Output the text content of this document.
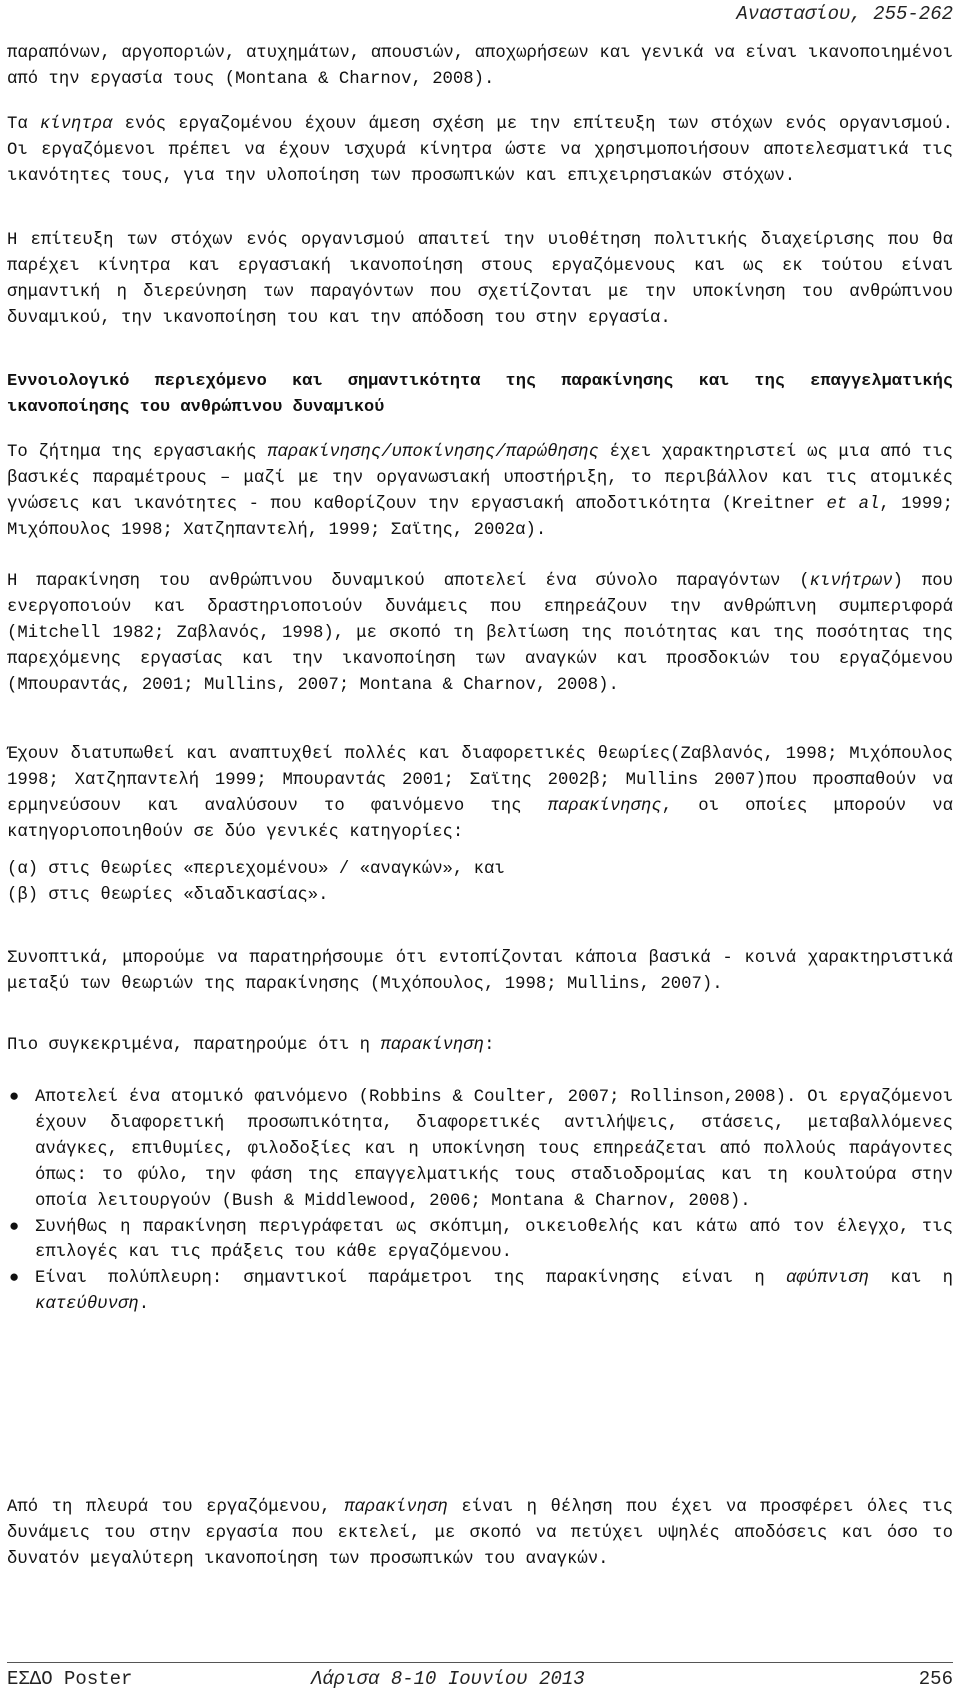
Αναστασίου, 255-262

παραπόνων, αργοποριών, ατυχημάτων, απουσιών, αποχωρήσεων και γενικά να είναι ικανοποιημένοι από την εργασία τους (Montana & Charnov, 2008).

Τα κίνητρα ενός εργαζομένου έχουν άμεση σχέση με την επίτευξη των στόχων ενός οργανισμού. Οι εργαζόμενοι πρέπει να έχουν ισχυρά κίνητρα ώστε να χρησιμοποιήσουν αποτελεσματικά τις ικανότητες τους, για την υλοποίηση των προσωπικών και επιχειρησιακών στόχων.

Η επίτευξη των στόχων ενός οργανισμού απαιτεί την υιοθέτηση πολιτικής διαχείρισης που θα παρέχει κίνητρα και εργασιακή ικανοποίηση στους εργαζόμενους και ως εκ τούτου είναι σημαντική η διερεύνηση των παραγόντων που σχετίζονται με την υποκίνηση του ανθρώπινου δυναμικού, την ικανοποίηση του και την απόδοση του στην εργασία.

Εννοιολογικό περιεχόμενο και σημαντικότητα της παρακίνησης και της επαγγελματικής ικανοποίησης του ανθρώπινου δυναμικού

Το ζήτημα της εργασιακής παρακίνησης/υποκίνησης/παρώθησης έχει χαρακτηριστεί ως μια από τις βασικές παραμέτρους – μαζί με την οργανωσιακή υποστήριξη, το περιβάλλον και τις ατομικές γνώσεις και ικανότητες - που καθορίζουν την εργασιακή αποδοτικότητα (Kreitner et al, 1999; Μιχόπουλος 1998; Χατζηπαντελή, 1999; Σαϊτης, 2002α).

Η παρακίνηση του ανθρώπινου δυναμικού αποτελεί ένα σύνολο παραγόντων (κινήτρων) που ενεργοποιούν και δραστηριοποιούν δυνάμεις που επηρεάζουν την ανθρώπινη συμπεριφορά (Mitchell 1982; Ζαβλανός, 1998), με σκοπό τη βελτίωση της ποιότητας και της ποσότητας της παρεχόμενης εργασίας και την ικανοποίηση των αναγκών και προσδοκιών του εργαζόμενου (Μπουραντάς, 2001; Mullins, 2007; Montana & Charnov, 2008).

Έχουν διατυπωθεί και αναπτυχθεί πολλές και διαφορετικές θεωρίες(Ζαβλανός, 1998; Μιχόπουλος 1998; Χατζηπαντελή 1999; Μπουραντάς 2001; Σαϊτης 2002β; Mullins 2007)που προσπαθούν να ερμηνεύσουν και αναλύσουν το φαινόμενο της παρακίνησης, οι οποίες μπορούν να κατηγοριοποιηθούν σε δύο γενικές κατηγορίες:

(α) στις θεωρίες «περιεχομένου» / «αναγκών», και

(β) στις θεωρίες «διαδικασίας».

Συνοπτικά, μπορούμε να παρατηρήσουμε ότι εντοπίζονται κάποια βασικά - κοινά χαρακτηριστικά μεταξύ των θεωριών της παρακίνησης (Μιχόπουλος, 1998; Mullins, 2007).

Πιο συγκεκριμένα, παρατηρούμε ότι η παρακίνηση:

● Αποτελεί ένα ατομικό φαινόμενο (Robbins & Coulter, 2007; Rollinson,2008). Οι εργαζόμενοι έχουν διαφορετική προσωπικότητα, διαφορετικές αντιλήψεις, στάσεις, μεταβαλλόμενες ανάγκες, επιθυμίες, φιλοδοξίες και η υποκίνηση τους επηρεάζεται από πολλούς παράγοντες όπως: το φύλο, την φάση της επαγγελματικής τους σταδιοδρομίας και τη κουλτούρα στην οποία λειτουργούν (Bush & Middlewood, 2006; Montana & Charnov, 2008).
● Συνήθως η παρακίνηση περιγράφεται ως σκόπιμη, οικειοθελής και κάτω από τον έλεγχο, τις επιλογές και τις πράξεις του κάθε εργαζόμενου.
● Είναι πολύπλευρη: σημαντικοί παράμετροι της παρακίνησης είναι η αφύπνιση και η κατεύθυνση.

Από τη πλευρά του εργαζόμενου, παρακίνηση είναι η θέληση που έχει να προσφέρει όλες τις δυνάμεις του στην εργασία που εκτελεί, με σκοπό να πετύχει υψηλές αποδόσεις και όσο το δυνατόν μεγαλύτερη ικανοποίηση των προσωπικών του αναγκών.

ΕΣΔΟ Poster	Λάρισα 8-10 Ιουνίου 2013	256
